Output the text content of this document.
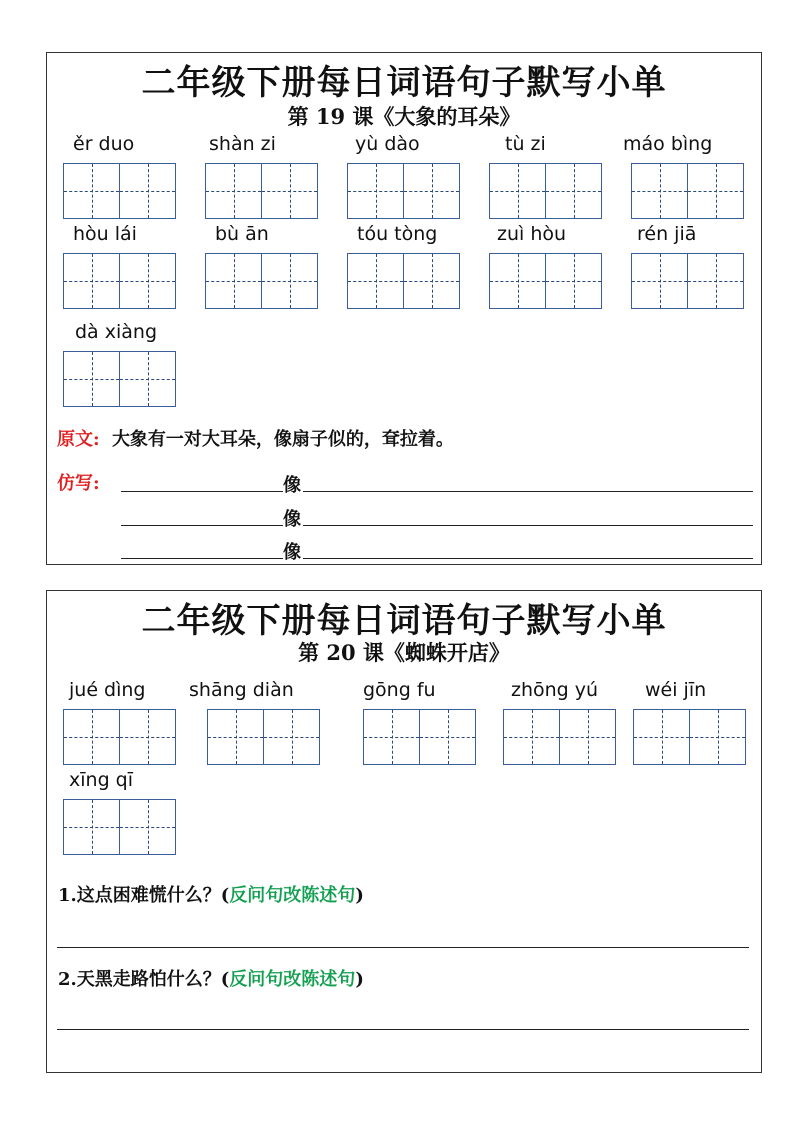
二年级下册每日词语句子默写小单
第 19 课《大象的耳朵》
ěr duo	shàn zi	yù dào	tù zi	máo bìng
hòu lái	bù ān	tóu tòng	zuì hòu	rén jiā
dà xiàng
原文: 大象有一对大耳朵，像扇子似的，耷拉着。
仿写:	像
像
像
二年级下册每日词语句子默写小单
第 20 课《蜘蛛开店》
jué dìng	shāng diàn	gōng fu	zhōng yú	wéi jīn
xīng qī
1.这点困难慌什么？(反问句改陈述句)
2.天黑走路怕什么？(反问句改陈述句)
